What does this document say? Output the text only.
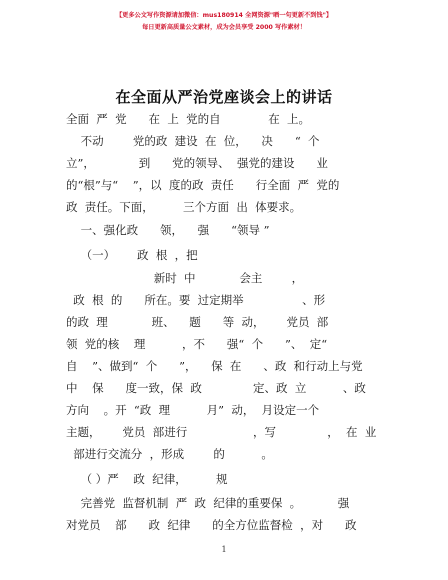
【更多公文写作资源请加微信：mus180914 全网资源"晒一句更新不到钱"】
每日更新高质量公文素材，成为会员享受 2000 写作素材！
在全面从严治党座谈会上的讲话
全面  严  党      在  上  党的自             在  上。
不动        党的政  建设  在  位，    决      “  个
立”，            到      党的领导、  强党的建设      业
的“根”与“    ”，以  度的政  责任      行全面  严  党的
政  责任。下面，        三个方面  出  体要求。
一、强化政      领，    强      “领导 ”
（一）      政  根  ，把
新时  中            会主        ，
政  根  的      所在。要  过定期举                、形
的政  理            班、    题      等  动，      党员  部
领  党的核    理          ，不      强“  个      ”、  定“
自    ”、做到“  个      ”，    保  在      、政  和行动上与党
中    保      度一致，保  政              定、政  立          、政
方向    。开  “政  理          月”  动，  月设定一个
主题，      党员  部进行                  ，写              ，  在  业
部进行交流分  ，形成        的          。
（ ）严    政  纪律，        规
完善党  监督机制  严  政  纪律的重要保  。          强
对党员    部      政  纪律      的全方位监督检  ，对      政
1
